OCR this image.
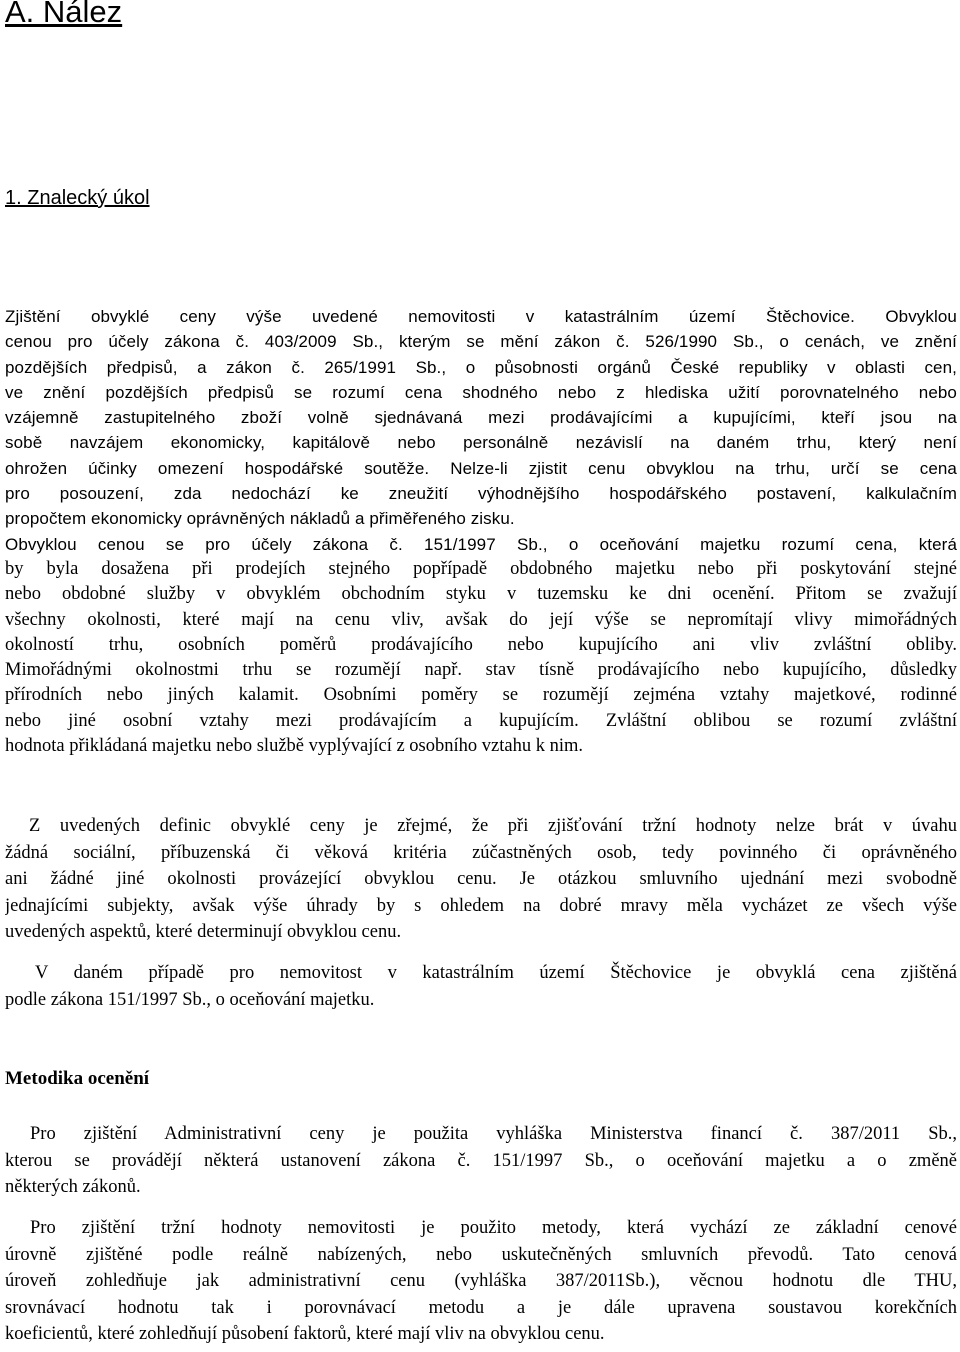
A. Nález
1. Znalecký úkol
Zjištění obvyklé ceny výše uvedené nemovitosti v katastrálním území Štěchovice. Obvyklou
cenou pro účely zákona č. 403/2009 Sb., kterým se mění zákon č. 526/1990 Sb., o cenách, ve znění
pozdějších předpisů, a zákon č. 265/1991 Sb., o působnosti orgánů České republiky v oblasti cen,
ve znění pozdějších předpisů se rozumí cena shodného nebo z hlediska užití porovnatelného nebo
vzájemně zastupitelného zboží volně sjednávaná mezi prodávajícími a kupujícími, kteří jsou na
sobě navzájem ekonomicky, kapitálově nebo personálně nezávislí na daném trhu, který není
ohrožen účinky omezení hospodářské soutěže. Nelze-li zjistit cenu obvyklou na trhu, určí se cena
pro posouzení, zda nedochází ke zneužití výhodnějšího hospodářského postavení, kalkulačním
propočtem ekonomicky oprávněných nákladů a přiměřeného zisku.
Obvyklou cenou se pro účely zákona č. 151/1997 Sb., o oceňování majetku rozumí cena, která
by byla dosažena při prodejích stejného popřípadě obdobného majetku nebo při poskytování stejné
nebo obdobné služby v obvyklém obchodním styku v tuzemsku ke dni ocenění. Přitom se zvažují
všechny okolnosti, které mají na cenu vliv, avšak do její výše se nepromítají vlivy mimořádných
okolností trhu, osobních poměrů prodávajícího nebo kupujícího ani vliv zvláštní obliby.
Mimořádnými okolnostmi trhu se rozumějí např. stav tísně prodávajícího nebo kupujícího, důsledky
přírodních nebo jiných kalamit. Osobními poměry se rozumějí zejména vztahy majetkové, rodinné
nebo jiné osobní vztahy mezi prodávajícím a kupujícím. Zvláštní oblibou se rozumí zvláštní
hodnota přikládaná majetku nebo službě vyplývající z osobního vztahu k nim.
Z uvedených definic obvyklé ceny je zřejmé, že při zjišťování tržní hodnoty nelze brát v úvahu
žádná sociální, příbuzenská či věková kritéria zúčastněných osob, tedy povinného či oprávněného
ani žádné jiné okolnosti provázející obvyklou cenu. Je otázkou smluvního ujednání mezi svobodně
jednajícími subjekty, avšak výše úhrady by s ohledem na dobré mravy měla vycházet ze všech výše
uvedených aspektů, které determinují obvyklou cenu.
V daném případě pro nemovitost v katastrálním území Štěchovice je obvyklá cena zjištěná
podle zákona 151/1997 Sb., o oceňování majetku.
Metodika ocenění
Pro zjištění Administrativní ceny je použita vyhláška Ministerstva financí č. 387/2011 Sb.,
kterou se provádějí některá ustanovení zákona č. 151/1997 Sb., o oceňování majetku a o změně
některých zákonů.
Pro zjištění tržní hodnoty nemovitosti je použito metody, která vychází ze základní cenové
úrovně zjištěné podle reálně nabízených, nebo uskutečněných smluvních převodů. Tato cenová
úroveň zohledňuje jak administrativní cenu (vyhláška 387/2011Sb.), věcnou hodnotu dle THU,
srovnávací hodnotu tak i porovnávací metodu a je dále upravena soustavou korekčních
koeficientů, které zohledňují působení faktorů, které mají vliv na obvyklou cenu.
